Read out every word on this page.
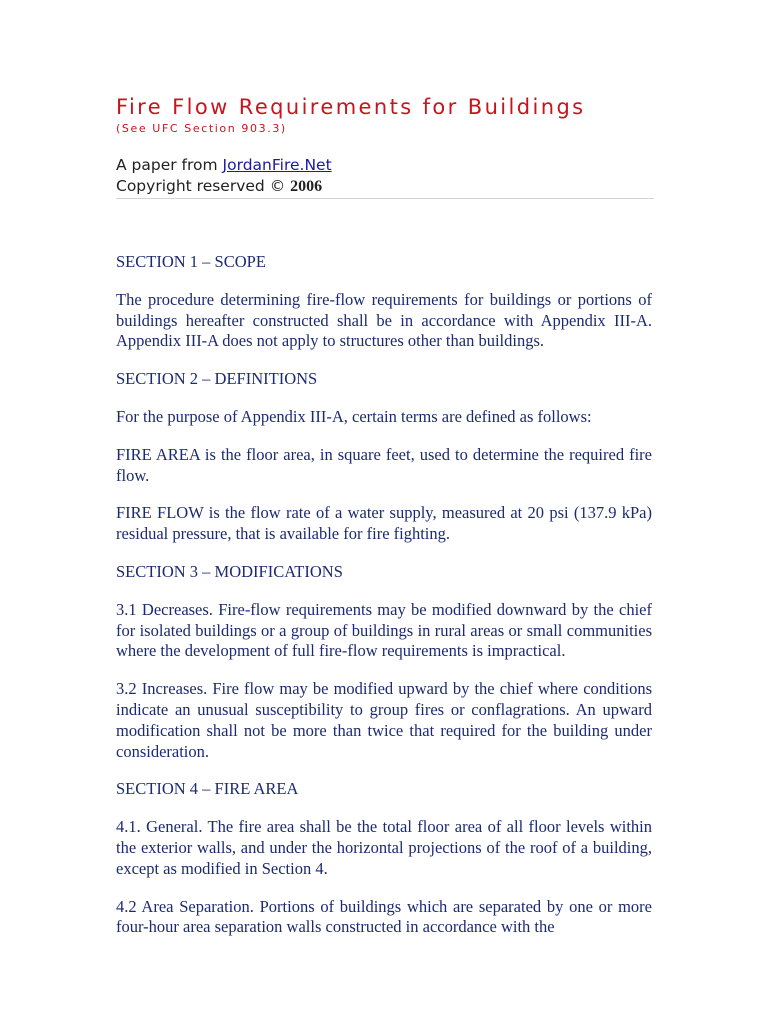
Fire Flow Requirements for Buildings
(See UFC Section 903.3)
A paper from JordanFire.Net
Copyright reserved © 2006

SECTION 1 – SCOPE

The procedure determining fire-flow requirements for buildings or portions of buildings hereafter constructed shall be in accordance with Appendix III-A. Appendix III-A does not apply to structures other than buildings.

SECTION 2 – DEFINITIONS

For the purpose of Appendix III-A, certain terms are defined as follows:

FIRE AREA is the floor area, in square feet, used to determine the required fire flow.

FIRE FLOW is the flow rate of a water supply, measured at 20 psi (137.9 kPa) residual pressure, that is available for fire fighting.

SECTION 3 – MODIFICATIONS

3.1 Decreases. Fire-flow requirements may be modified downward by the chief for isolated buildings or a group of buildings in rural areas or small communities where the development of full fire-flow requirements is impractical.

3.2 Increases. Fire flow may be modified upward by the chief where conditions indicate an unusual susceptibility to group fires or conflagrations. An upward modification shall not be more than twice that required for the building under consideration.

SECTION 4 – FIRE AREA

4.1. General. The fire area shall be the total floor area of all floor levels within the exterior walls, and under the horizontal projections of the roof of a building, except as modified in Section 4.

4.2 Area Separation. Portions of buildings which are separated by one or more four-hour area separation walls constructed in accordance with the
